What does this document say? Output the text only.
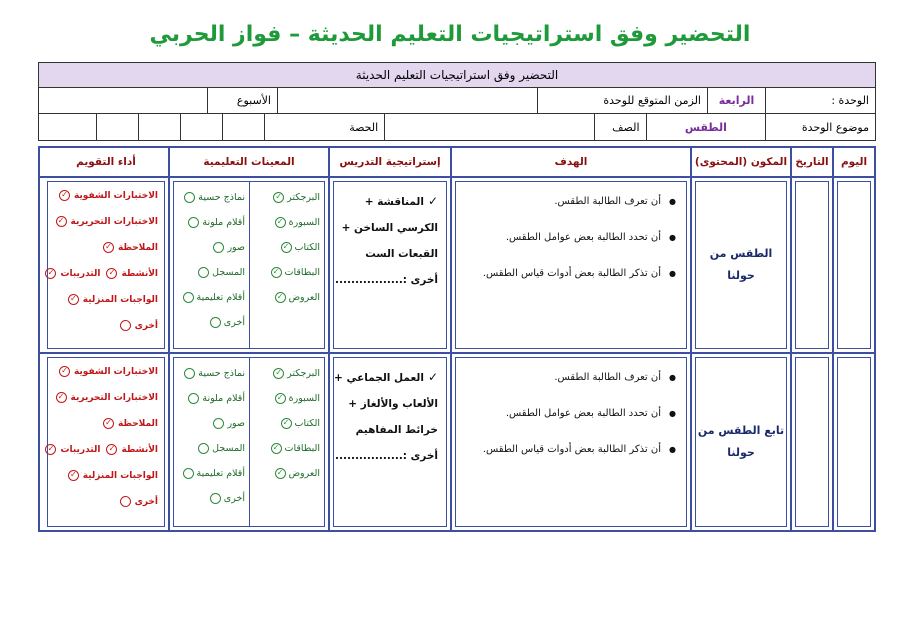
التحضير وفق استراتيجيات التعليم الحديثة – فواز الحربي
التحضير وفق استراتيجيات التعليم الحديثة
الوحدة :
الرابعة
الزمن المتوقع للوحدة
الأسبوع
موضوع الوحدة
الطقس
الصف
الحصة
اليوم
التاريخ
المكون (المحتوى)
الهدف
إستراتيجية التدريس
المعينات التعليمية
أداء التقويم
الطقس من حولنا
● أن تعرف الطالبة الطقس.
● أن تحدد الطالبة بعض عوامل الطقس.
● أن تذكر الطالبة بعض أدوات قياس الطقس.
✓المناقشة +
الكرسي الساخن +
القبعات الست
أخرى :.................
البرجكتر✓
السبورة✓
الكتاب✓
البطاقات✓
العروض✓
نماذج حسية
أقلام ملونة
صور
المسجل
أقلام تعليمية
أخرى
الاختبارات الشفوية✓
الاختبارات التحريرية✓
الملاحظة✓
الأنشطة✓التدريبات✓
الواجبات المنزلية✓
أخرى
تابع الطقس من حولنا
● أن تعرف الطالبة الطقس.
● أن تحدد الطالبة بعض عوامل الطقس.
● أن تذكر الطالبة بعض أدوات قياس الطقس.
✓العمل الجماعي +
الألعاب والألغاز +
خرائط المفاهيم
أخرى :.................
البرجكتر✓
السبورة✓
الكتاب✓
البطاقات✓
العروض✓
نماذج حسية
أقلام ملونة
صور
المسجل
أقلام تعليمية
أخرى
الاختبارات الشفوية✓
الاختبارات التحريرية✓
الملاحظة✓
الأنشطة✓التدريبات✓
الواجبات المنزلية✓
أخرى
